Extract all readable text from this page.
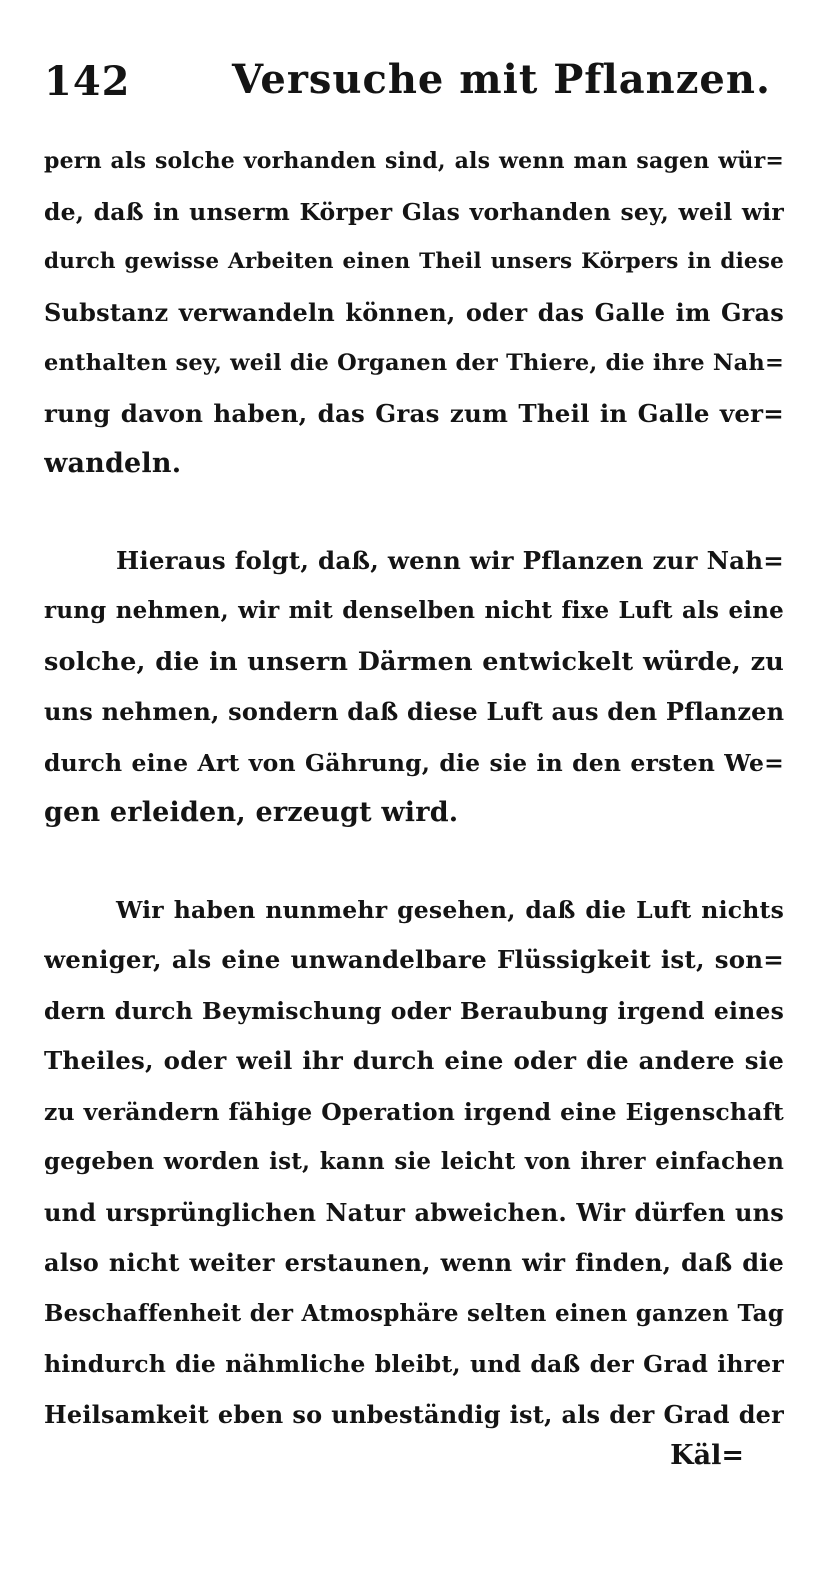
142	Versuche mit Pflanzen.
pern als solche vorhanden sind, als wenn man sagen wür=
de, daß in unserm Körper Glas vorhanden sey, weil wir
durch gewisse Arbeiten einen Theil unsers Körpers in diese
Substanz verwandeln können, oder das Galle im Gras
enthalten sey, weil die Organen der Thiere, die ihre Nah=
rung davon haben, das Gras zum Theil in Galle ver=
wandeln.
Hieraus folgt, daß, wenn wir Pflanzen zur Nah=
rung nehmen, wir mit denselben nicht fixe Luft als eine
solche, die in unsern Därmen entwickelt würde, zu
uns nehmen, sondern daß diese Luft aus den Pflanzen
durch eine Art von Gährung, die sie in den ersten We=
gen erleiden, erzeugt wird.
Wir haben nunmehr gesehen, daß die Luft nichts
weniger, als eine unwandelbare Flüssigkeit ist, son=
dern durch Beymischung oder Beraubung irgend eines
Theiles, oder weil ihr durch eine oder die andere sie
zu verändern fähige Operation irgend eine Eigenschaft
gegeben worden ist, kann sie leicht von ihrer einfachen
und ursprünglichen Natur abweichen. Wir dürfen uns
also nicht weiter erstaunen, wenn wir finden, daß die
Beschaffenheit der Atmosphäre selten einen ganzen Tag
hindurch die nähmliche bleibt, und daß der Grad ihrer
Heilsamkeit eben so unbeständig ist, als der Grad der
Käl=
